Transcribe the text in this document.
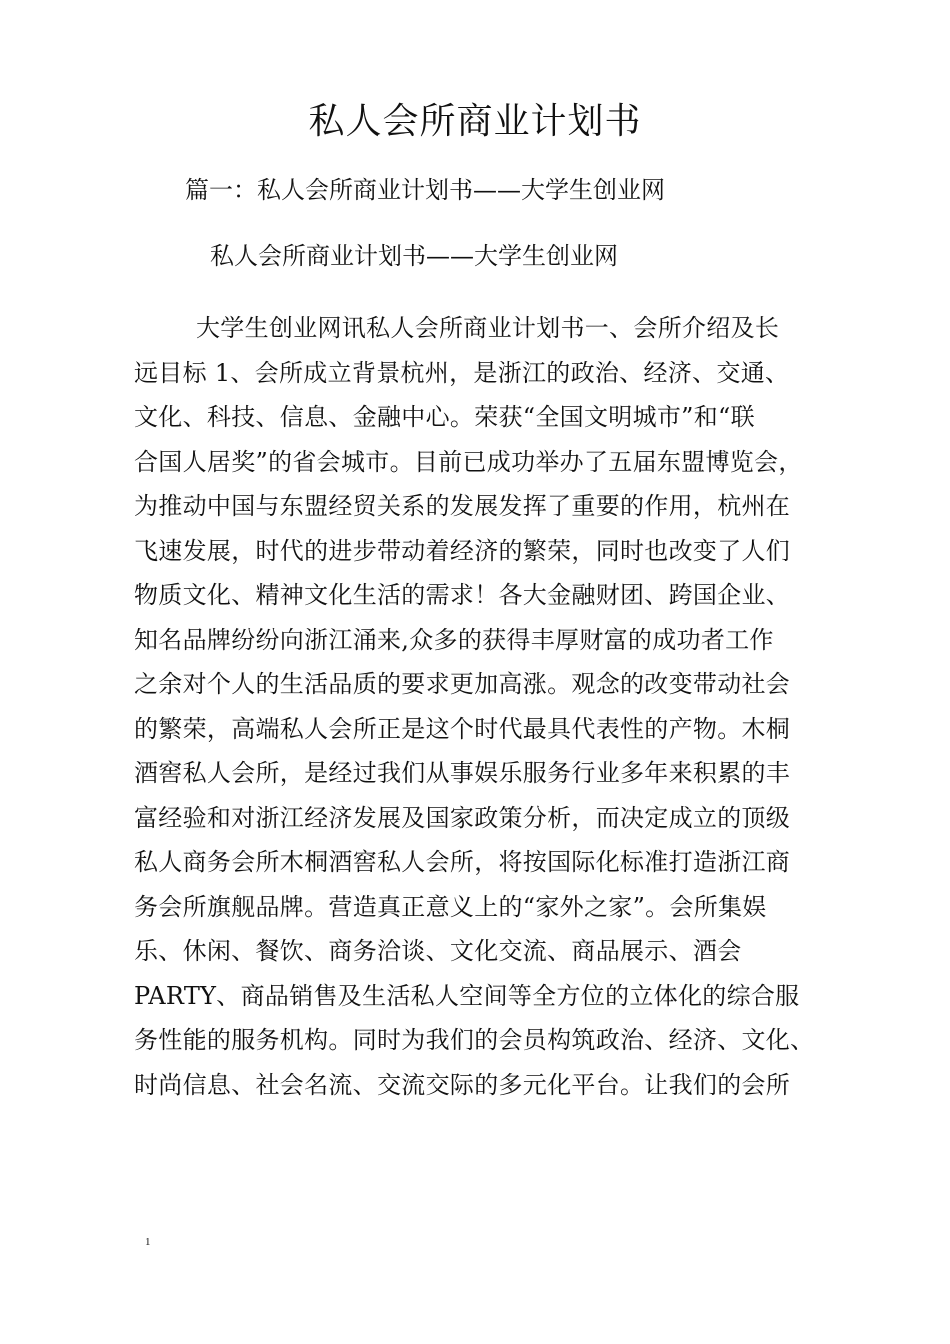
私人会所商业计划书
篇一：私人会所商业计划书——大学生创业网
私人会所商业计划书——大学生创业网
大学生创业网讯私人会所商业计划书一、会所介绍及长
远目标 1、会所成立背景杭州，是浙江的政治、经济、交通、
文化、科技、信息、金融中心。荣获“全国文明城市”和“联
合国人居奖”的省会城市。目前已成功举办了五届东盟博览会，
为推动中国与东盟经贸关系的发展发挥了重要的作用，杭州在
飞速发展，时代的进步带动着经济的繁荣，同时也改变了人们
物质文化、精神文化生活的需求！各大金融财团、跨国企业、
知名品牌纷纷向浙江涌来,众多的获得丰厚财富的成功者工作
之余对个人的生活品质的要求更加高涨。观念的改变带动社会
的繁荣，高端私人会所正是这个时代最具代表性的产物。木桐
酒窖私人会所，是经过我们从事娱乐服务行业多年来积累的丰
富经验和对浙江经济发展及国家政策分析，而决定成立的顶级
私人商务会所木桐酒窖私人会所，将按国际化标准打造浙江商
务会所旗舰品牌。营造真正意义上的“家外之家”。会所集娱
乐、休闲、餐饮、商务洽谈、文化交流、商品展示、酒会
PARTY、商品销售及生活私人空间等全方位的立体化的综合服
务性能的服务机构。同时为我们的会员构筑政治、经济、文化、
时尚信息、社会名流、交流交际的多元化平台。让我们的会所
1
